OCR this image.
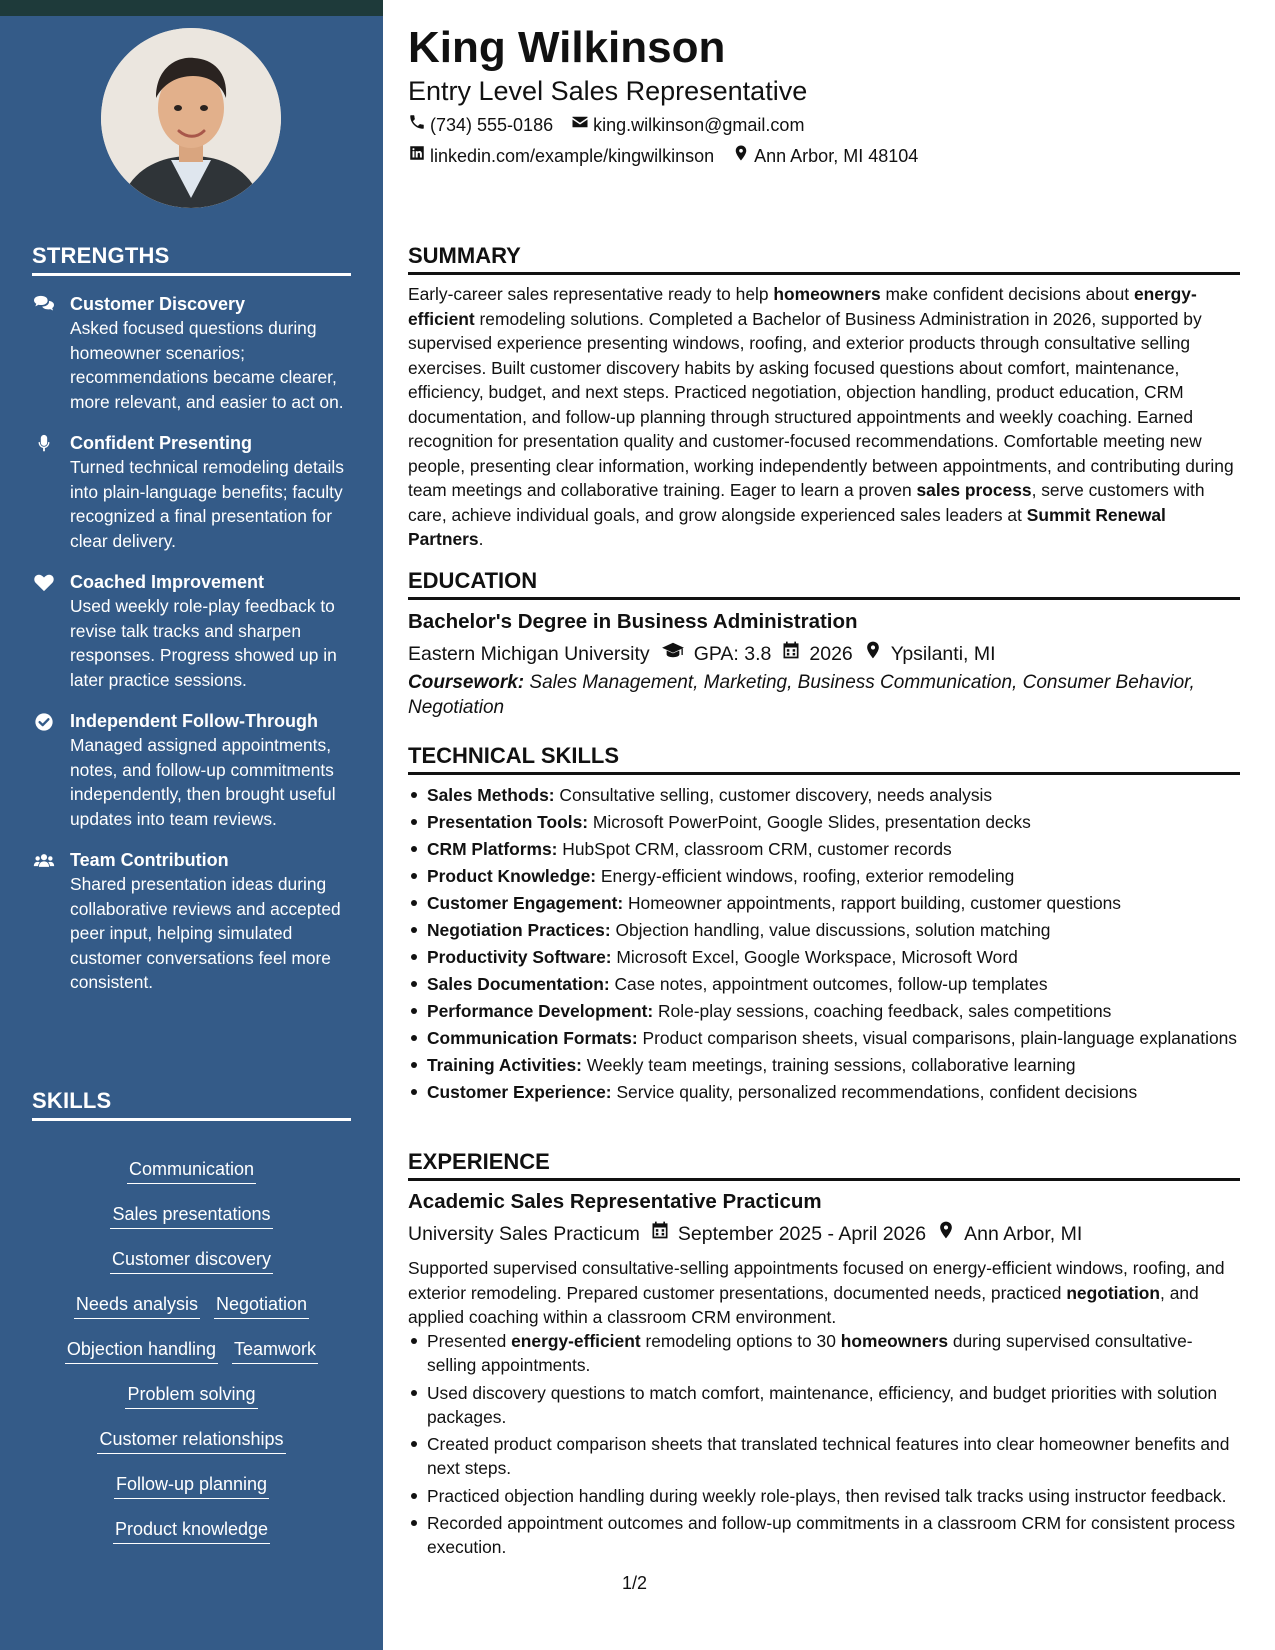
STRENGTHS
Customer Discovery
Asked focused questions during homeowner scenarios; recommendations became clearer, more relevant, and easier to act on.
Confident Presenting
Turned technical remodeling details into plain-language benefits; faculty recognized a final presentation for clear delivery.
Coached Improvement
Used weekly role-play feedback to revise talk tracks and sharpen responses. Progress showed up in later practice sessions.
Independent Follow-Through
Managed assigned appointments, notes, and follow-up commitments independently, then brought useful updates into team reviews.
Team Contribution
Shared presentation ideas during collaborative reviews and accepted peer input, helping simulated customer conversations feel more consistent.
SKILLS
Communication
Sales presentations
Customer discovery
Needs analysis Negotiation
Objection handling Teamwork
Problem solving
Customer relationships
Follow-up planning
Product knowledge
King Wilkinson
Entry Level Sales Representative
(734) 555-0186 king.wilkinson@gmail.com
linkedin.com/example/kingwilkinson Ann Arbor, MI 48104
SUMMARY
Early-career sales representative ready to help homeowners make confident decisions about energy-efficient remodeling solutions. Completed a Bachelor of Business Administration in 2026, supported by supervised experience presenting windows, roofing, and exterior products through consultative selling exercises. Built customer discovery habits by asking focused questions about comfort, maintenance, efficiency, budget, and next steps. Practiced negotiation, objection handling, product education, CRM documentation, and follow-up planning through structured appointments and weekly coaching. Earned recognition for presentation quality and customer-focused recommendations. Comfortable meeting new people, presenting clear information, working independently between appointments, and contributing during team meetings and collaborative training. Eager to learn a proven sales process, serve customers with care, achieve individual goals, and grow alongside experienced sales leaders at Summit Renewal Partners.
EDUCATION
Bachelor's Degree in Business Administration
Eastern Michigan University GPA: 3.8 2026 Ypsilanti, MI
Coursework: Sales Management, Marketing, Business Communication, Consumer Behavior, Negotiation
TECHNICAL SKILLS
Sales Methods: Consultative selling, customer discovery, needs analysis
Presentation Tools: Microsoft PowerPoint, Google Slides, presentation decks
CRM Platforms: HubSpot CRM, classroom CRM, customer records
Product Knowledge: Energy-efficient windows, roofing, exterior remodeling
Customer Engagement: Homeowner appointments, rapport building, customer questions
Negotiation Practices: Objection handling, value discussions, solution matching
Productivity Software: Microsoft Excel, Google Workspace, Microsoft Word
Sales Documentation: Case notes, appointment outcomes, follow-up templates
Performance Development: Role-play sessions, coaching feedback, sales competitions
Communication Formats: Product comparison sheets, visual comparisons, plain-language explanations
Training Activities: Weekly team meetings, training sessions, collaborative learning
Customer Experience: Service quality, personalized recommendations, confident decisions
EXPERIENCE
Academic Sales Representative Practicum
University Sales Practicum September 2025 - April 2026 Ann Arbor, MI
Supported supervised consultative-selling appointments focused on energy-efficient windows, roofing, and exterior remodeling. Prepared customer presentations, documented needs, practiced negotiation, and applied coaching within a classroom CRM environment.
Presented energy-efficient remodeling options to 30 homeowners during supervised consultative-selling appointments.
Used discovery questions to match comfort, maintenance, efficiency, and budget priorities with solution packages.
Created product comparison sheets that translated technical features into clear homeowner benefits and next steps.
Practiced objection handling during weekly role-plays, then revised talk tracks using instructor feedback.
Recorded appointment outcomes and follow-up commitments in a classroom CRM for consistent process execution.
1/2
